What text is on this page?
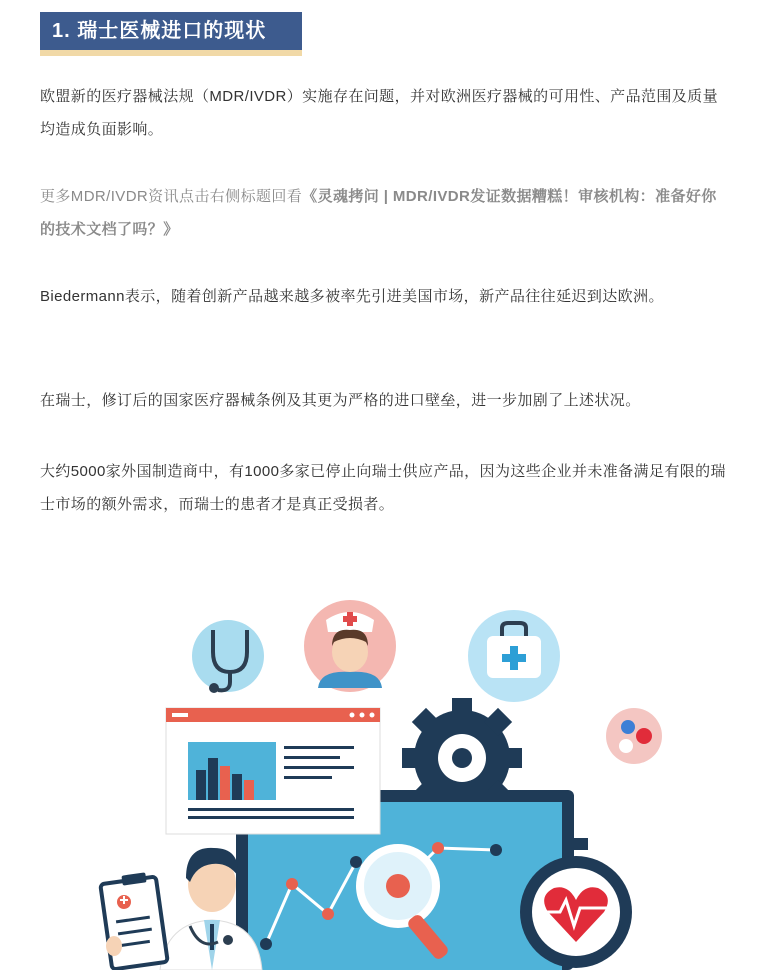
1. 瑞士医械进口的现状

欧盟新的医疗器械法规（MDR/IVDR）实施存在问题，并对欧洲医疗器械的可用性、产品范围及质量均造成负面影响。

更多MDR/IVDR资讯点击右侧标题回看《灵魂拷问 | MDR/IVDR发证数据糟糕！审核机构：准备好你的技术文档了吗？》

Biedermann表示，随着创新产品越来越多被率先引进美国市场，新产品往往延迟到达欧洲。

在瑞士，修订后的国家医疗器械条例及其更为严格的进口壁垒，进一步加剧了上述状况。

大约5000家外国制造商中，有1000多家已停止向瑞士供应产品，因为这些企业并未准备满足有限的瑞士市场的额外需求，而瑞士的患者才是真正受损者。
